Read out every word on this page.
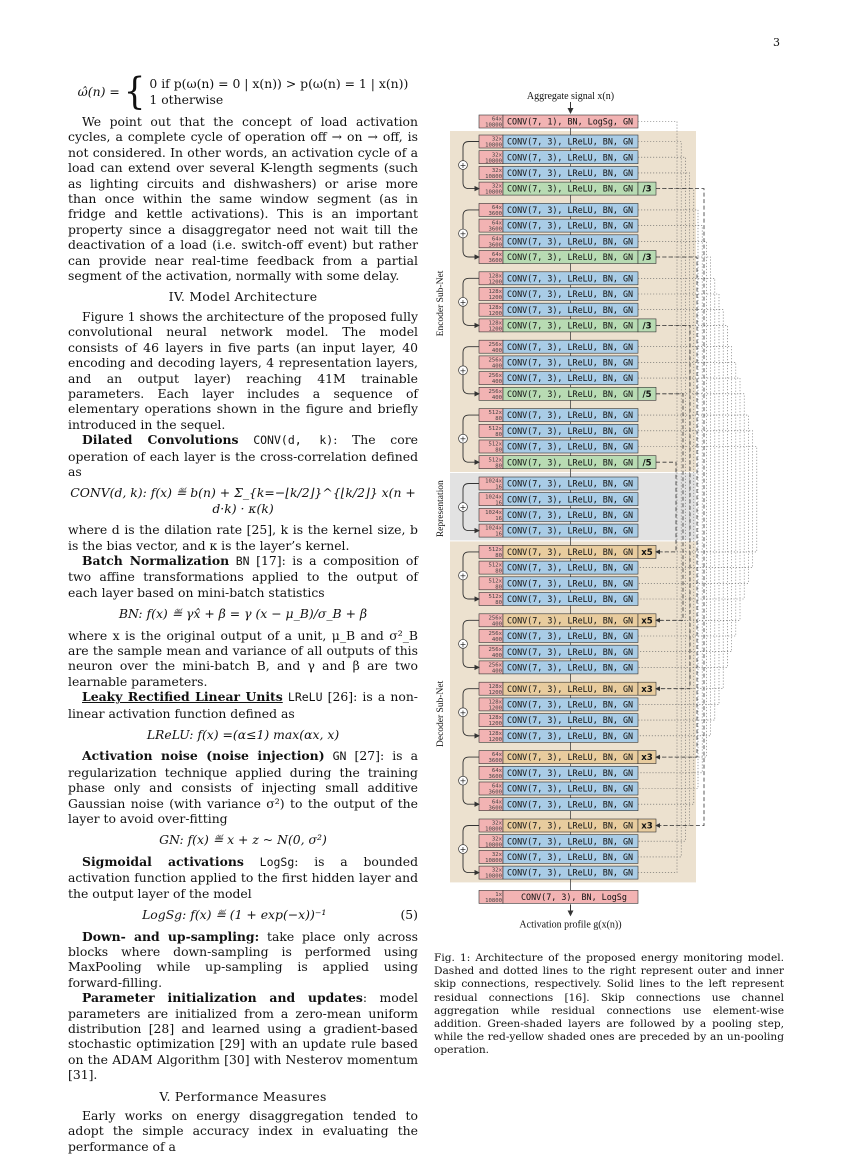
3
ω̂(n) = { 0 if p(ω(n) = 0 | x(n)) > p(ω(n) = 1 | x(n))
1 otherwise

We point out that the concept of load activation cycles, a complete cycle of operation off → on → off, is not considered. In other words, an activation cycle of a load can extend over several K-length segments (such as lighting circuits and dishwashers) or arise more than once within the same window segment (as in fridge and kettle activations). This is an important property since a disaggregator need not wait till the deactivation of a load (i.e. switch-off event) but rather can provide near real-time feedback from a partial segment of the activation, normally with some delay.

IV. Model Architecture

Figure 1 shows the architecture of the proposed fully convolutional neural network model. The model consists of 46 layers in five parts (an input layer, 40 encoding and decoding layers, 4 representation layers, and an output layer) reaching 41M trainable parameters. Each layer includes a sequence of elementary operations shown in the figure and briefly introduced in the sequel.

Dilated Convolutions CONV(d, k): The core operation of each layer is the cross-correlation defined as

CONV(d, k): f(x) ≝ b(n) + Σ_{k=−⌊k/2⌋}^{⌊k/2⌋} x(n + d·k) · κ(k)

where d is the dilation rate [25], k is the kernel size, b is the bias vector, and κ is the layer’s kernel.

Batch Normalization BN [17]: is a composition of two affine transformations applied to the output of each layer based on mini-batch statistics

BN: f(x) ≝ γx̂ + β = γ (x − μ_B)/σ_B + β

where x is the original output of a unit, μ_B and σ²_B are the sample mean and variance of all outputs of this neuron over the mini-batch B, and γ and β are two learnable parameters.

Leaky Rectified Linear Units LReLU [26]: is a non-linear activation function defined as

LReLU: f(x) =(α≤1) max(αx, x)

Activation noise (noise injection) GN [27]: is a regularization technique applied during the training phase only and consists of injecting small additive Gaussian noise (with variance σ²) to the output of the layer to avoid over-fitting

GN: f(x) ≝ x + z ~ N(0, σ²)

Sigmoidal activations LogSg: is a bounded activation function applied to the first hidden layer and the output layer of the model

LogSg: f(x) ≝ (1 + exp(−x))⁻¹	(5)

Down- and up-sampling: take place only across blocks where down-sampling is performed using MaxPooling while up-sampling is applied using forward-filling.

Parameter initialization and updates: model parameters are initialized from a zero-mean uniform distribution [28] and learned using a gradient-based stochastic optimization [29] with an update rule based on the ADAM Algorithm [30] with Nesterov momentum [31].

V. Performance Measures

Early works on energy disaggregation tended to adopt the simple accuracy index in evaluating the performance of a

Encoder Sub-Net
Representation
Decoder Sub-Net
Aggregate signal x(n)
Activation profile g(x(n))
64x
10800 CONV(7, 1), BN, LogSg, GN
32x
10800 CONV(7, 3), LReLU, BN, GN
32x
10800 CONV(7, 3), LReLU, BN, GN
32x
10800 CONV(7, 3), LReLU, BN, GN
32x
10800 CONV(7, 3), LReLU, BN, GN /3
64x
3600 CONV(7, 3), LReLU, BN, GN
64x
3600 CONV(7, 3), LReLU, BN, GN
64x
3600 CONV(7, 3), LReLU, BN, GN
64x
3600 CONV(7, 3), LReLU, BN, GN /3
128x
1200 CONV(7, 3), LReLU, BN, GN
128x
1200 CONV(7, 3), LReLU, BN, GN
128x
1200 CONV(7, 3), LReLU, BN, GN
128x
1200 CONV(7, 3), LReLU, BN, GN /3
256x
400 CONV(7, 3), LReLU, BN, GN
256x
400 CONV(7, 3), LReLU, BN, GN
256x
400 CONV(7, 3), LReLU, BN, GN
256x
400 CONV(7, 3), LReLU, BN, GN /5
512x
80 CONV(7, 3), LReLU, BN, GN
512x
80 CONV(7, 3), LReLU, BN, GN
512x
80 CONV(7, 3), LReLU, BN, GN
512x
80 CONV(7, 3), LReLU, BN, GN /5
1024x
16 CONV(7, 3), LReLU, BN, GN
1024x
16 CONV(7, 3), LReLU, BN, GN
1024x
16 CONV(7, 3), LReLU, BN, GN
1024x
16 CONV(7, 3), LReLU, BN, GN
512x
80 CONV(7, 3), LReLU, BN, GN x5
512x
80 CONV(7, 3), LReLU, BN, GN
512x
80 CONV(7, 3), LReLU, BN, GN
512x
80 CONV(7, 3), LReLU, BN, GN
256x
400 CONV(7, 3), LReLU, BN, GN x5
256x
400 CONV(7, 3), LReLU, BN, GN
256x
400 CONV(7, 3), LReLU, BN, GN
256x
400 CONV(7, 3), LReLU, BN, GN
128x
1200 CONV(7, 3), LReLU, BN, GN x3
128x
1200 CONV(7, 3), LReLU, BN, GN
128x
1200 CONV(7, 3), LReLU, BN, GN
128x
1200 CONV(7, 3), LReLU, BN, GN
64x
3600 CONV(7, 3), LReLU, BN, GN x3
64x
3600 CONV(7, 3), LReLU, BN, GN
64x
3600 CONV(7, 3), LReLU, BN, GN
64x
3600 CONV(7, 3), LReLU, BN, GN
32x
10800 CONV(7, 3), LReLU, BN, GN x3
32x
10800 CONV(7, 3), LReLU, BN, GN
32x
10800 CONV(7, 3), LReLU, BN, GN
32x
10800 CONV(7, 3), LReLU, BN, GN
1x
10800 CONV(7, 3), BN, LogSg
+
+
+
+
+
+
+
+
+
+
+

Fig. 1: Architecture of the proposed energy monitoring model. Dashed and dotted lines to the right represent outer and inner skip connections, respectively. Solid lines to the left represent residual connections [16]. Skip connections use channel aggregation while residual connections use element-wise addition. Green-shaded layers are followed by a pooling step, while the red-yellow shaded ones are preceded by an un-pooling operation.
